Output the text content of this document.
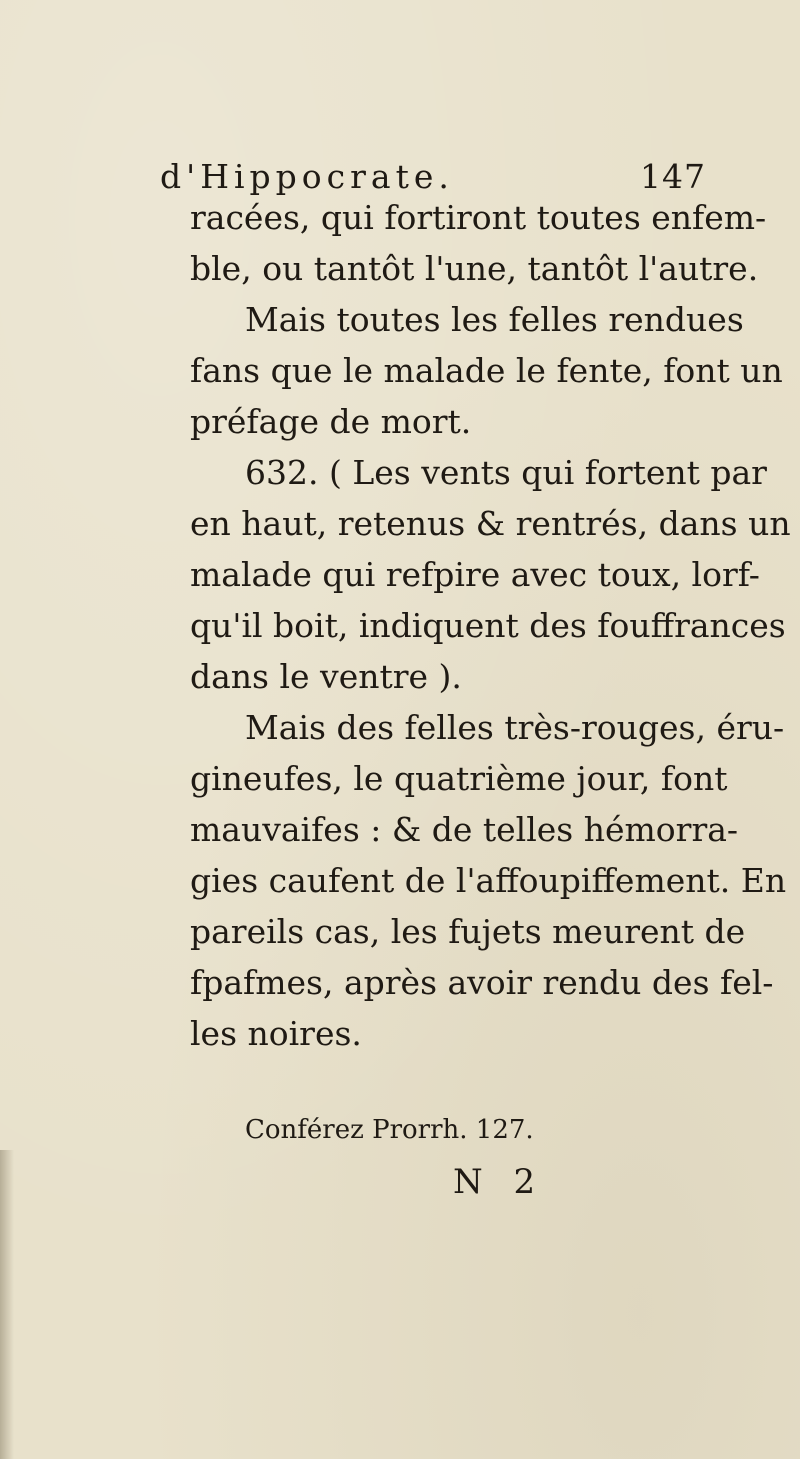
d'Hippocrate.	147
racées, qui fortiront toutes enfem-
ble, ou tantôt l'une, tantôt l'autre.
Mais toutes les felles rendues
fans que le malade le fente, font un
préfage de mort.
632. ( Les vents qui fortent par
en haut, retenus & rentrés, dans un
malade qui refpire avec toux, lorf-
qu'il boit, indiquent des fouffrances
dans le ventre ).
Mais des felles très-rouges, éru-
gineufes, le quatrième jour, font
mauvaifes : & de telles hémorra-
gies caufent de l'affoupiffement. En
pareils cas, les fujets meurent de
fpafmes, après avoir rendu des fel-
les noires.
Conférez Prorrh. 127.
N 2
